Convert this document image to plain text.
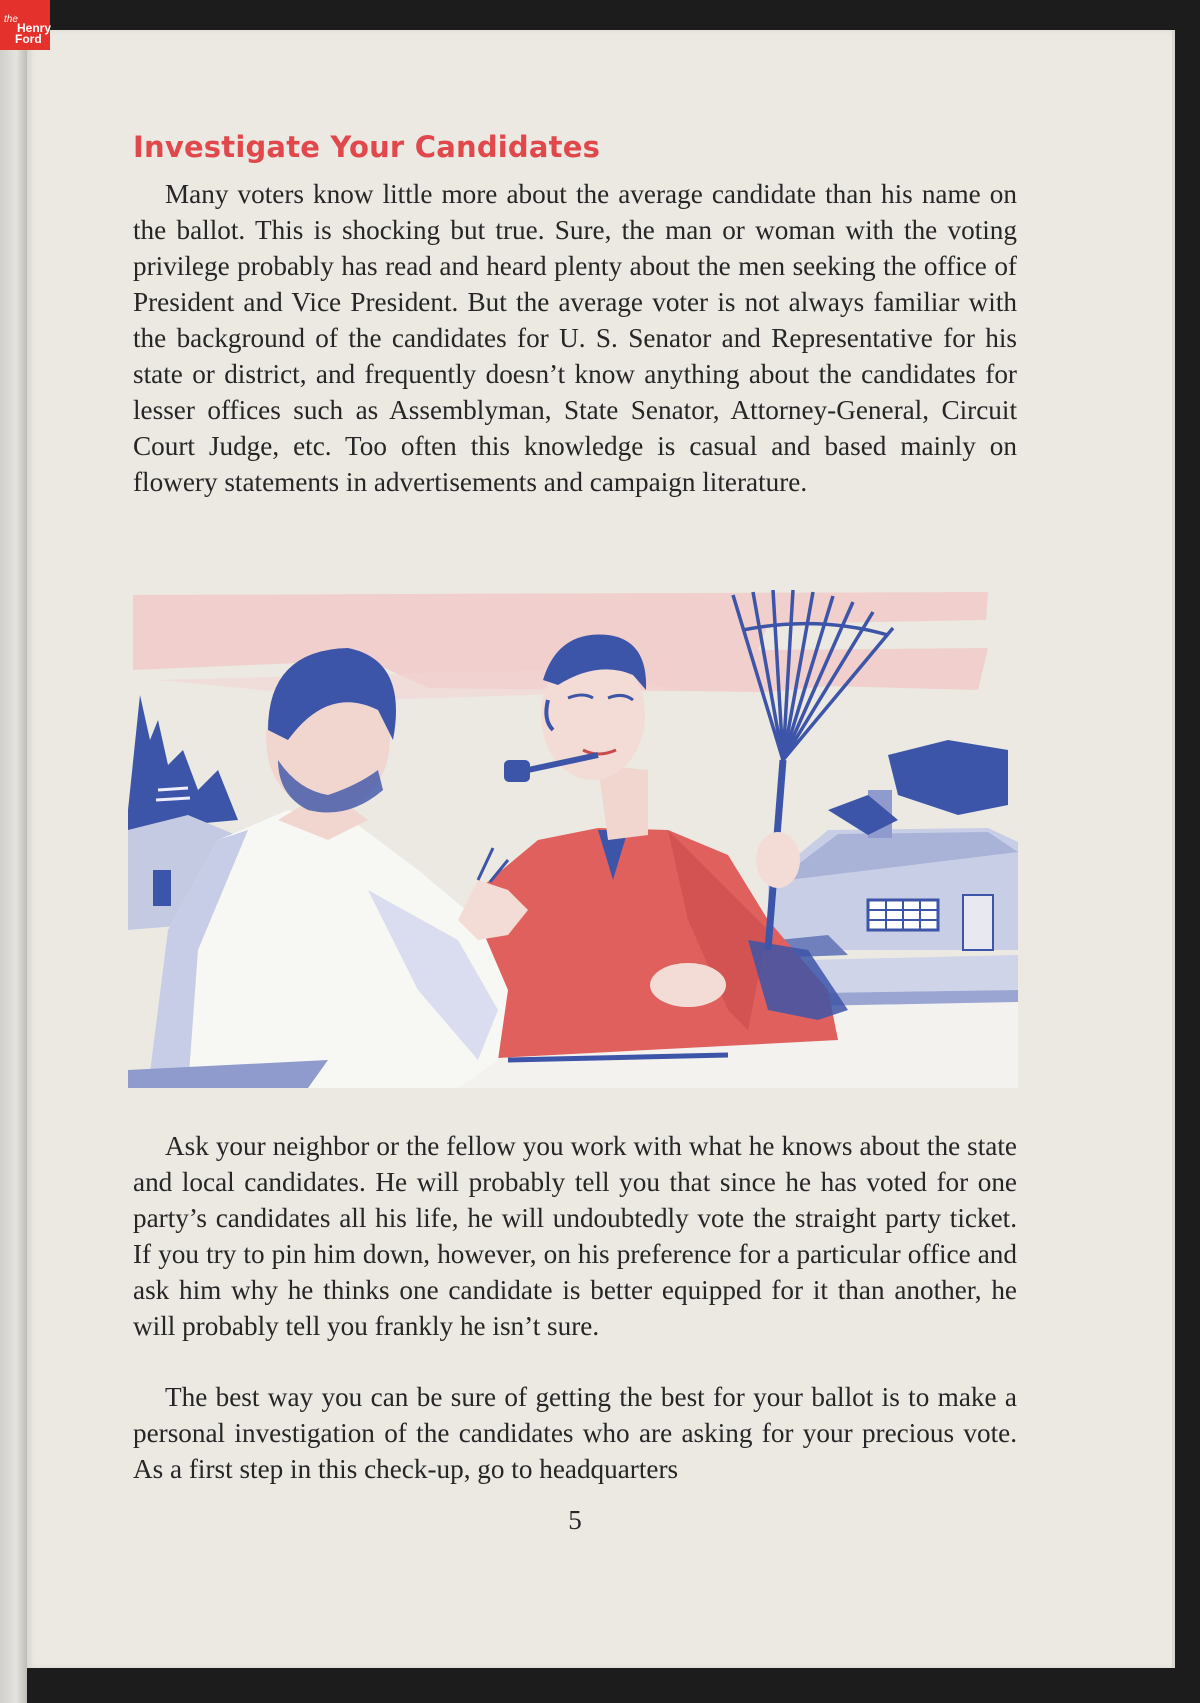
the
Henry
Ford
Investigate Your Candidates

Many voters know little more about the average candidate than his name on the ballot. This is shocking but true. Sure, the man or woman with the voting privilege probably has read and heard plenty about the men seeking the office of President and Vice President. But the average voter is not always familiar with the background of the candidates for U. S. Senator and Representative for his state or district, and frequently doesn’t know anything about the candidates for lesser offices such as Assemblyman, State Senator, Attorney-General, Circuit Court Judge, etc. Too often this knowledge is casual and based mainly on flowery statements in advertisements and campaign literature.

Ask your neighbor or the fellow you work with what he knows about the state and local candidates. He will probably tell you that since he has voted for one party’s candidates all his life, he will undoubtedly vote the straight party ticket. If you try to pin him down, however, on his preference for a particular office and ask him why he thinks one candidate is better equipped for it than another, he will probably tell you frankly he isn’t sure.

The best way you can be sure of getting the best for your ballot is to make a personal investigation of the candidates who are asking for your precious vote. As a first step in this check-up, go to headquarters

5
